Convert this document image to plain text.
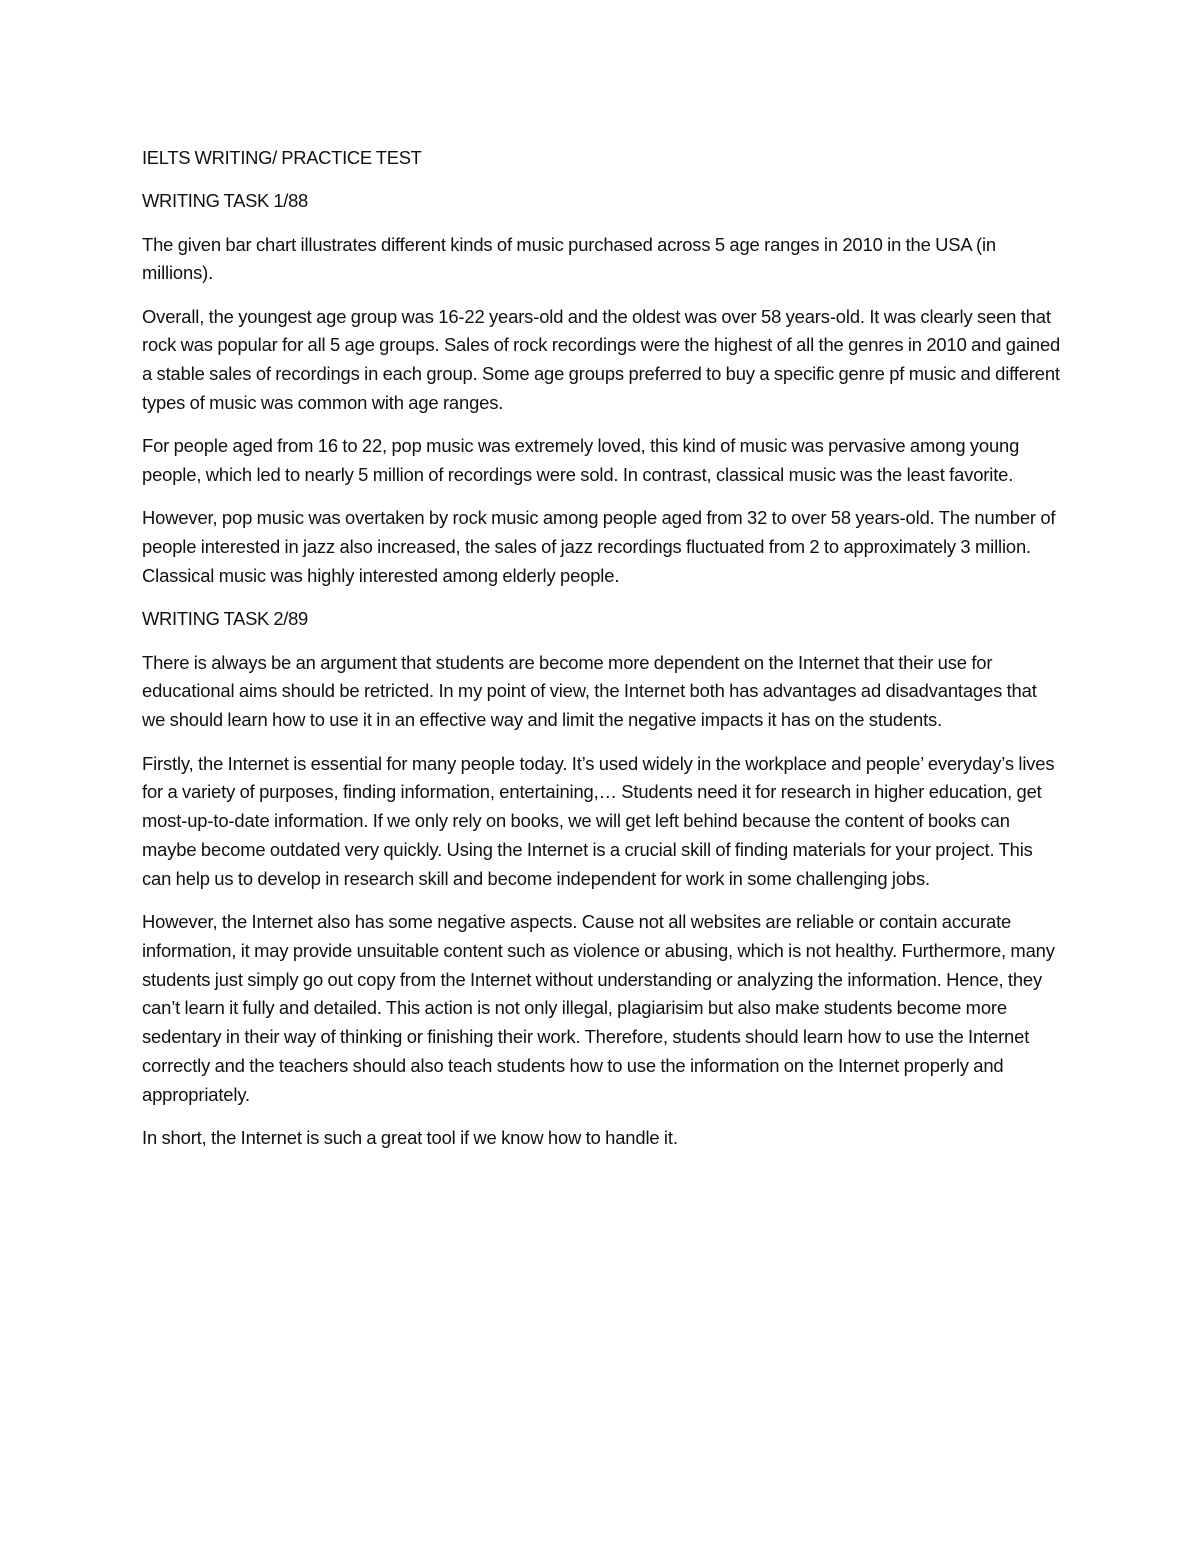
IELTS WRITING/ PRACTICE TEST

WRITING TASK 1/88

The given bar chart illustrates different kinds of music purchased across 5 age ranges in 2010 in the USA (in millions).

Overall, the youngest age group was 16-22 years-old and the oldest was over 58 years-old. It was clearly seen that rock was popular for all 5 age groups. Sales of rock recordings were the highest of all the genres in 2010 and gained a stable sales of recordings in each group. Some age groups preferred to buy a specific genre pf music and different types of music was common with age ranges.

For people aged from 16 to 22, pop music was extremely loved, this kind of music was pervasive among young people, which led to nearly 5 million of recordings were sold. In contrast, classical music was the least favorite.

However, pop music was overtaken by rock music among people aged from 32 to over 58 years-old. The number of people interested in jazz also increased, the sales of jazz recordings fluctuated from 2 to approximately 3 million. Classical music was highly interested among elderly people.

WRITING TASK 2/89

There is always be an argument that students are become more dependent on the Internet that their use for educational aims should be retricted. In my point of view, the Internet both has advantages ad disadvantages that we should learn how to use it in an effective way and limit the negative impacts it has on the students.

Firstly, the Internet is essential for many people today. It’s used widely in the workplace and people’ everyday’s lives for a variety of purposes, finding information, entertaining,… Students need it for research in higher education, get most-up-to-date information. If we only rely on books, we will get left behind because the content of books can maybe become outdated very quickly. Using the Internet is a crucial skill of finding materials for your project. This can help us to develop in research skill and become independent for work in some challenging jobs.

However, the Internet also has some negative aspects. Cause not all websites are reliable or contain accurate information, it may provide unsuitable content such as violence or abusing, which is not healthy. Furthermore, many students just simply go out copy from the Internet without understanding or analyzing the information. Hence, they can’t learn it fully and detailed. This action is not only illegal, plagiarisim but also make students become more sedentary in their way of thinking or finishing their work. Therefore, students should learn how to use the Internet correctly and the teachers should also teach students how to use the information on the Internet properly and appropriately.

In short, the Internet is such a great tool if we know how to handle it.
